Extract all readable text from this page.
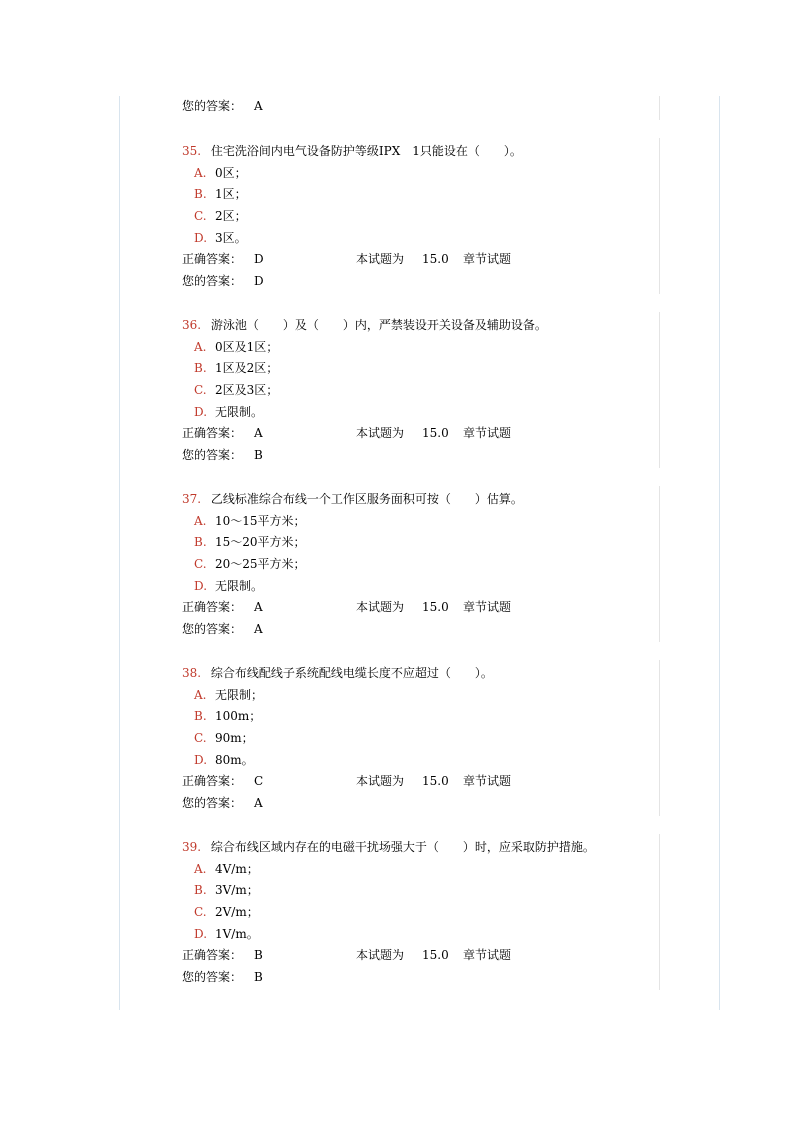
您的答案： A
35. 住宅洗浴间内电气设备防护等级IPX　1只能设在（　　）。
A. 0区；
B. 1区；
C. 2区；
D. 3区。
正确答案： D	本试题为 15.0 章节试题
您的答案： D
36. 游泳池（　　）及（　　）内，严禁装设开关设备及辅助设备。
A. 0区及1区；
B. 1区及2区；
C. 2区及3区；
D. 无限制。
正确答案： A	本试题为 15.0 章节试题
您的答案： B
37. 乙线标准综合布线一个工作区服务面积可按（　　）估算。
A. 10～15平方米；
B. 15～20平方米；
C. 20～25平方米；
D. 无限制。
正确答案： A	本试题为 15.0 章节试题
您的答案： A
38. 综合布线配线子系统配线电缆长度不应超过（　　）。
A. 无限制；
B. 100m；
C. 90m；
D. 80m。
正确答案： C	本试题为 15.0 章节试题
您的答案： A
39. 综合布线区域内存在的电磁干扰场强大于（　　）时，应采取防护措施。
A. 4V/m；
B. 3V/m；
C. 2V/m；
D. 1V/m。
正确答案： B	本试题为 15.0 章节试题
您的答案： B
